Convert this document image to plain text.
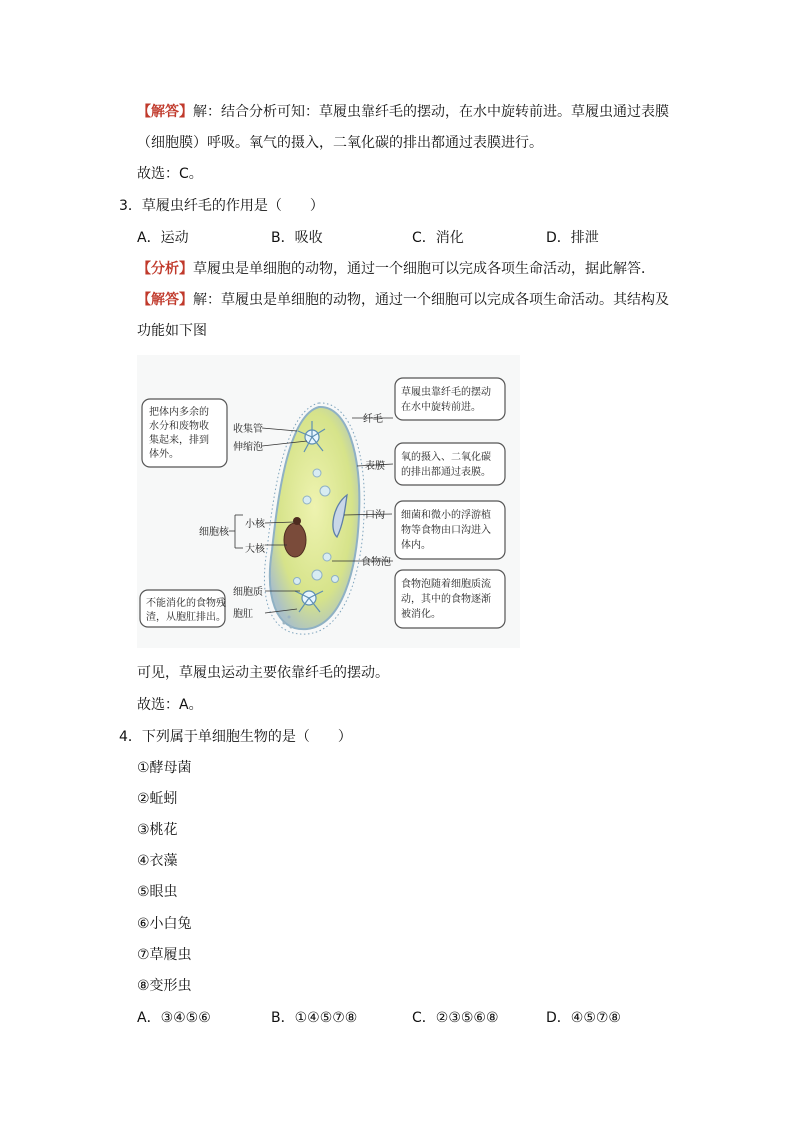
【解答】解：结合分析可知：草履虫靠纤毛的摆动，在水中旋转前进。草履虫通过表膜
（细胞膜）呼吸。氧气的摄入，二氧化碳的排出都通过表膜进行。
故选：C。
3．草履虫纤毛的作用是（　　）
A．运动	B．吸收	C．消化	D．排泄
【分析】草履虫是单细胞的动物，通过一个细胞可以完成各项生命活动，据此解答．
【解答】解：草履虫是单细胞的动物，通过一个细胞可以完成各项生命活动。其结构及
功能如下图
把体内多余的
水分和废物收
集起来，排到
体外。
不能消化的食物残
渣，从胞肛排出。
草履虫靠纤毛的摆动
在水中旋转前进。
氧的摄入、二氧化碳
的排出都通过表膜。
细菌和微小的浮游植
物等食物由口沟进入
体内。
食物泡随着细胞质流
动，其中的食物逐渐
被消化。
收集管
伸缩泡
小核
细胞核
大核
细胞质
胞肛
纤毛
表膜
口沟
食物泡
可见，草履虫运动主要依靠纤毛的摆动。
故选：A。
4．下列属于单细胞生物的是（　　）
①酵母菌
②蚯蚓
③桃花
④衣藻
⑤眼虫
⑥小白兔
⑦草履虫
⑧变形虫
A．③④⑤⑥	B．①④⑤⑦⑧	C．②③⑤⑥⑧	D．④⑤⑦⑧
